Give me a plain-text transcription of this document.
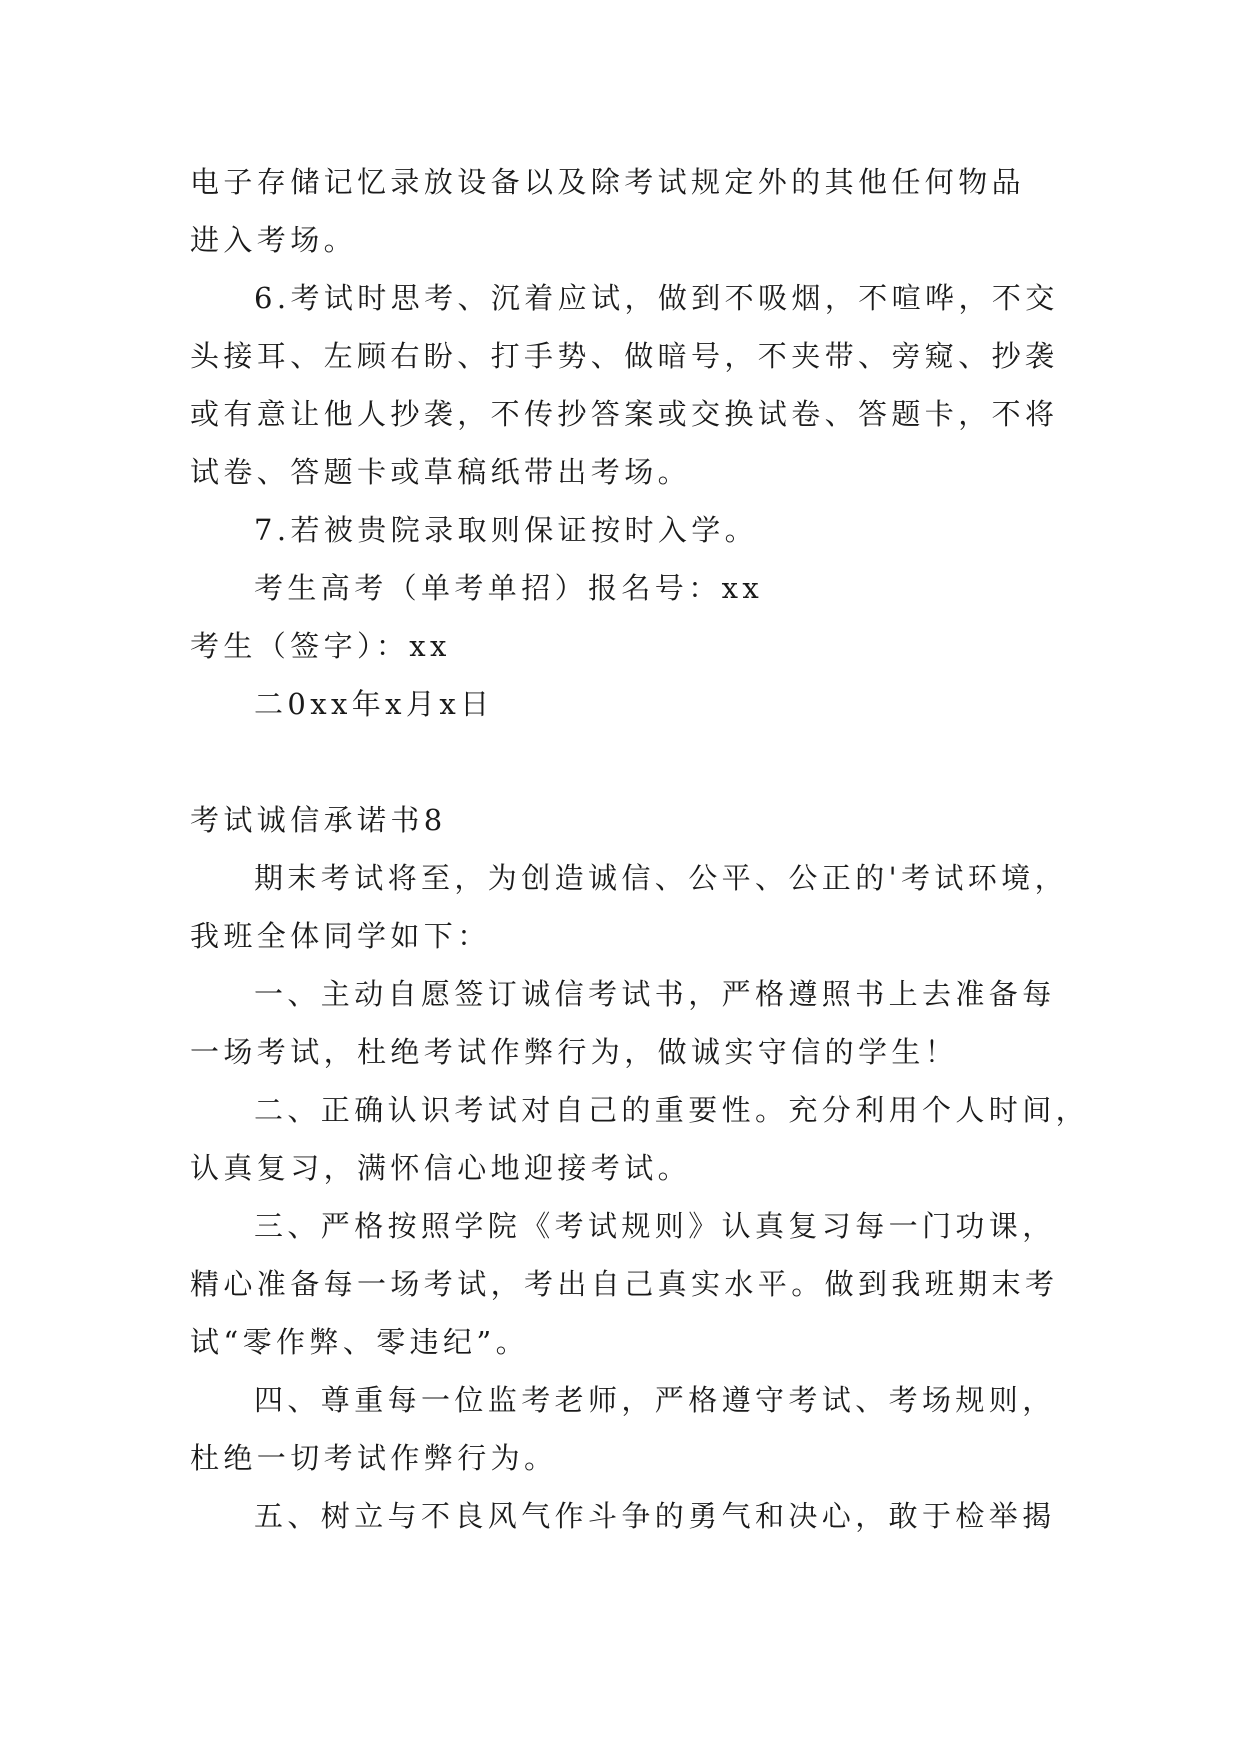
电子存储记忆录放设备以及除考试规定外的其他任何物品
进入考场。
6.考试时思考、沉着应试，做到不吸烟，不喧哗，不交
头接耳、左顾右盼、打手势、做暗号，不夹带、旁窥、抄袭
或有意让他人抄袭，不传抄答案或交换试卷、答题卡，不将
试卷、答题卡或草稿纸带出考场。
7.若被贵院录取则保证按时入学。
考生高考（单考单招）报名号：xx
考生（签字）：xx
二0xx年x月x日
考试诚信承诺书8
期末考试将至，为创造诚信、公平、公正的'考试环境，
我班全体同学如下：
一、主动自愿签订诚信考试书，严格遵照书上去准备每
一场考试，杜绝考试作弊行为，做诚实守信的学生！
二、正确认识考试对自己的重要性。充分利用个人时间，
认真复习，满怀信心地迎接考试。
三、严格按照学院《考试规则》认真复习每一门功课，
精心准备每一场考试，考出自己真实水平。做到我班期末考
试“零作弊、零违纪”。
四、尊重每一位监考老师，严格遵守考试、考场规则，
杜绝一切考试作弊行为。
五、树立与不良风气作斗争的勇气和决心，敢于检举揭
